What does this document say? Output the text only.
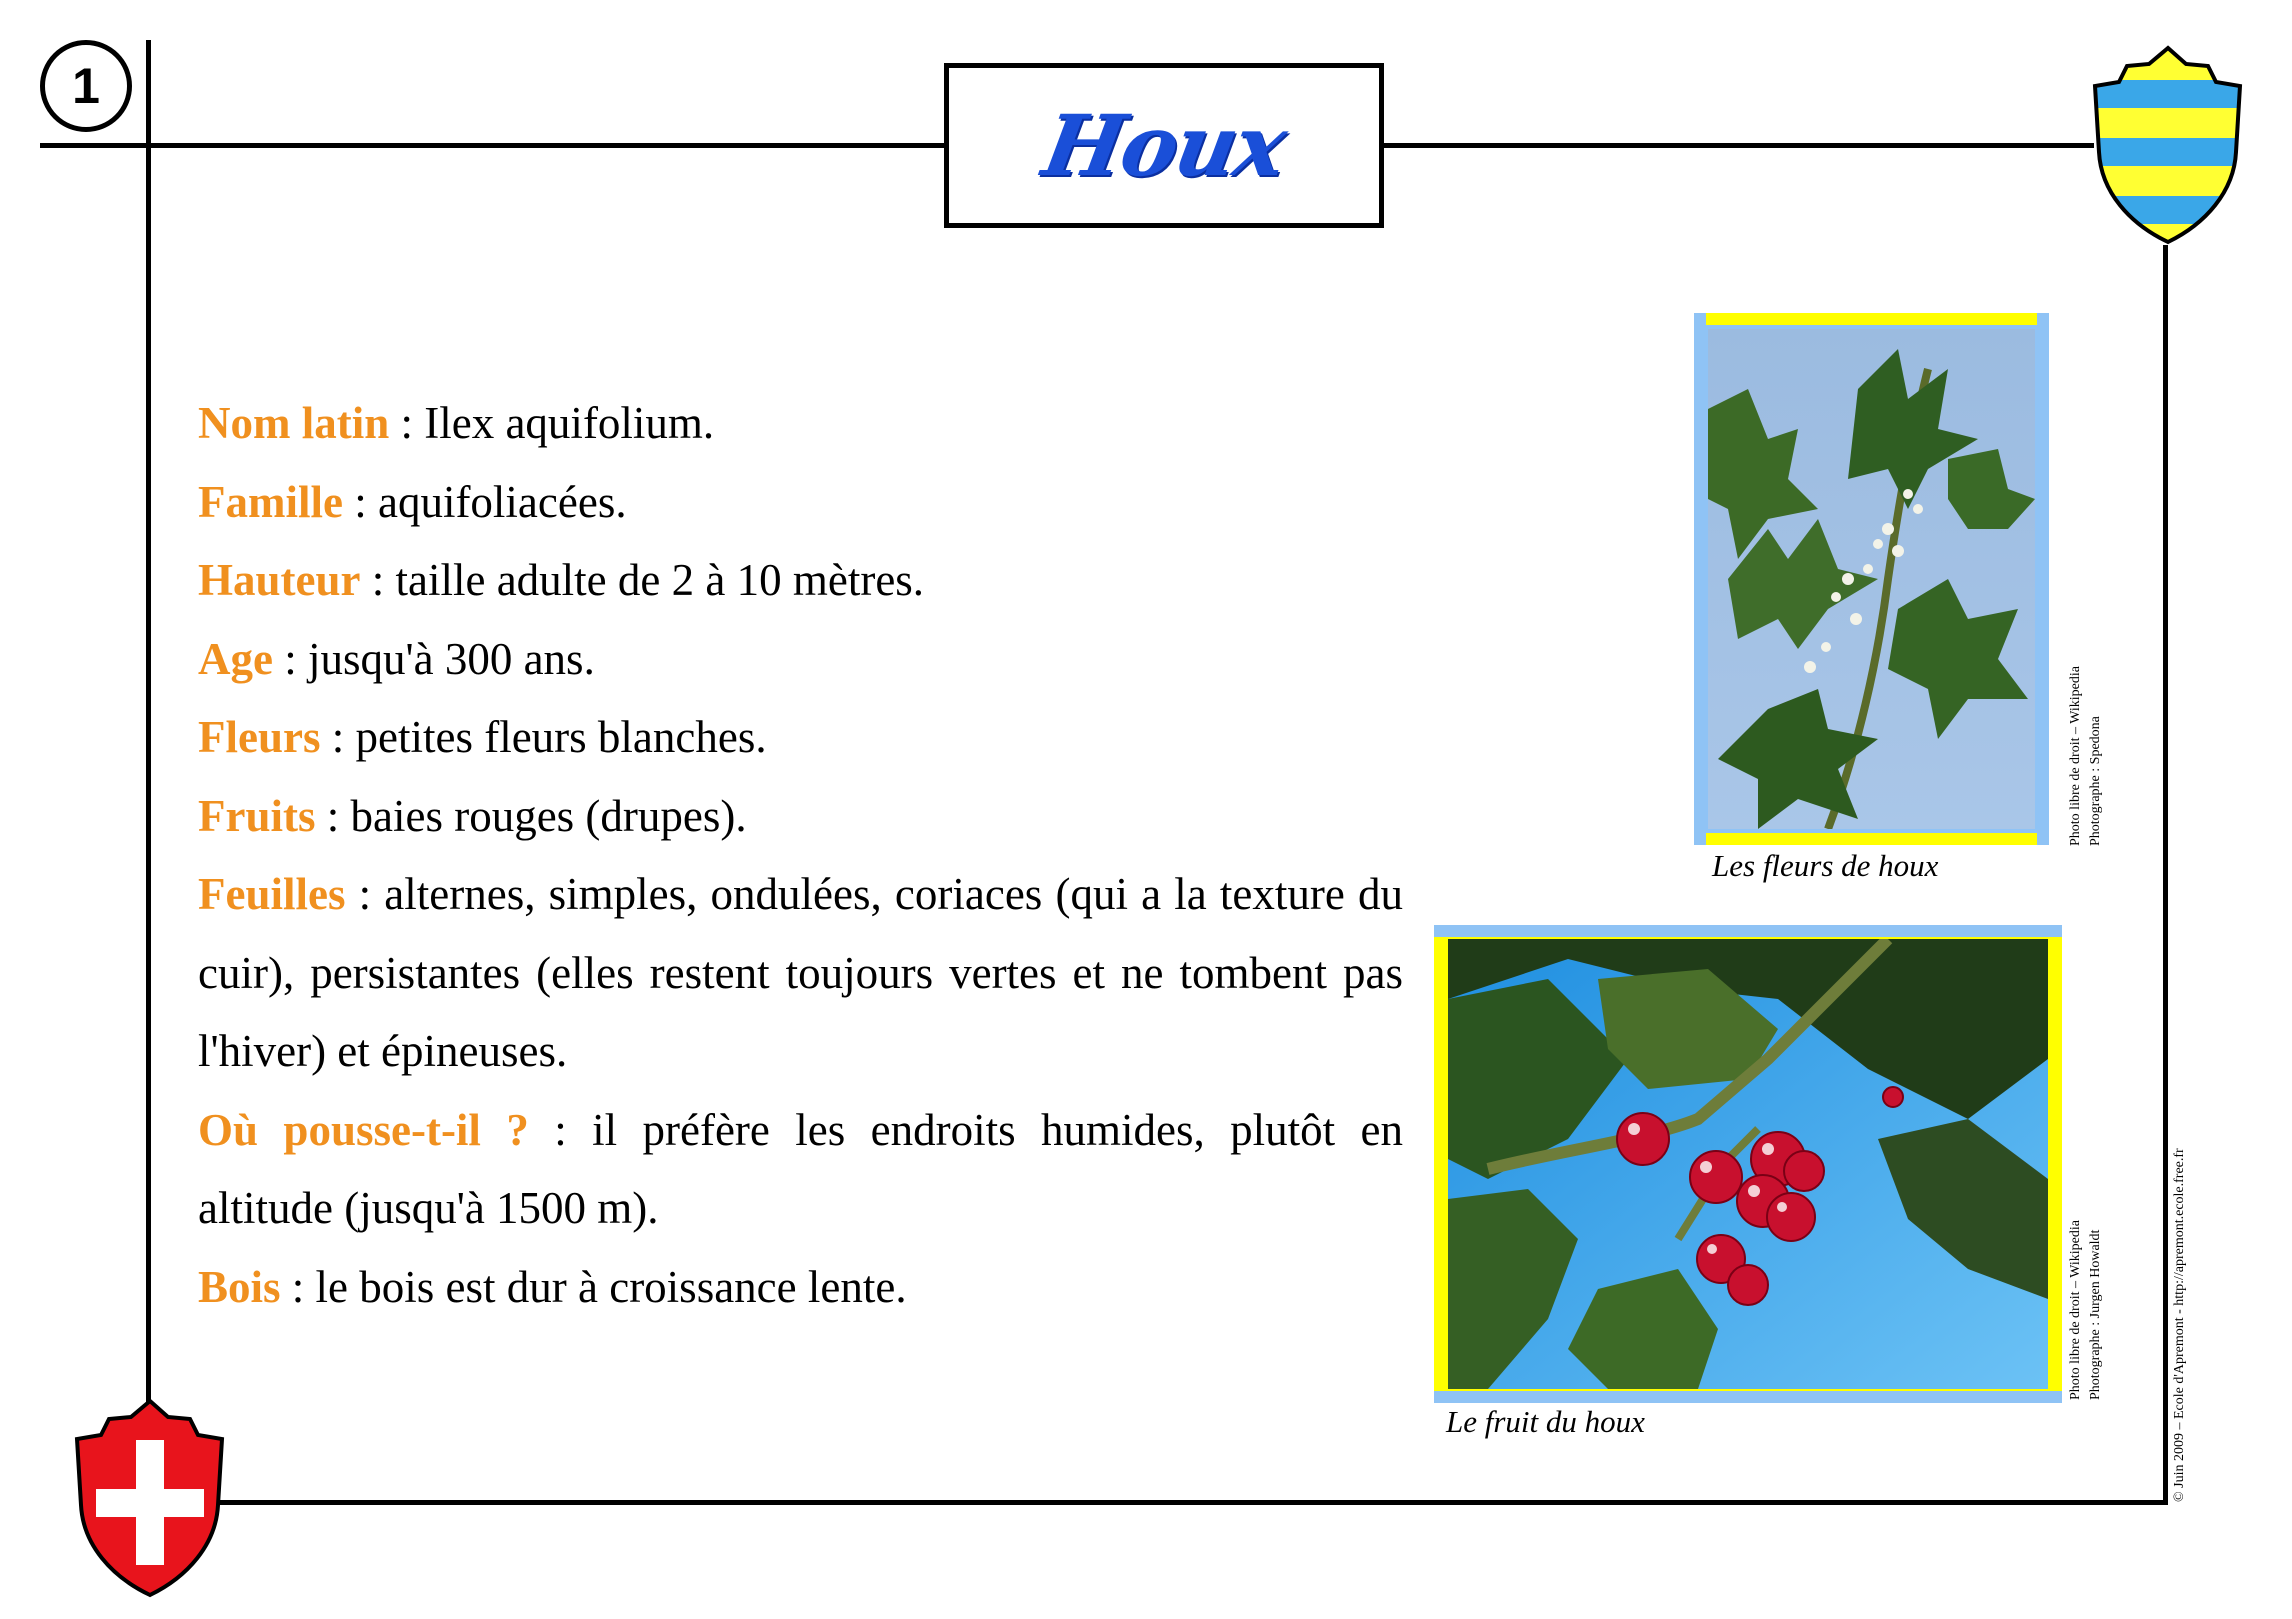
1
Houx

Nom latin : Ilex aquifolium.

Famille : aquifoliacées.

Hauteur : taille adulte de 2 à 10 mètres.

Age : jusqu'à 300 ans.

Fleurs : petites fleurs blanches.

Fruits : baies rouges (drupes).

Feuilles : alternes, simples, ondulées, coriaces (qui a la texture du cuir), persistantes (elles restent toujours vertes et ne tombent pas l'hiver) et épineuses.

Où pousse-t-il ? : il préfère les endroits humides, plutôt en altitude (jusqu'à 1500 m).

Bois : le bois est dur à croissance lente.

Les fleurs de houx
Photo libre de droit – Wikipedia Photographe : Spedona
Le fruit du houx
Photo libre de droit – Wikipedia Photographe : Jurgen Howaldt	© Juin 2009 – Ecole d'Apremont - http://apremont.ecole.free.fr
